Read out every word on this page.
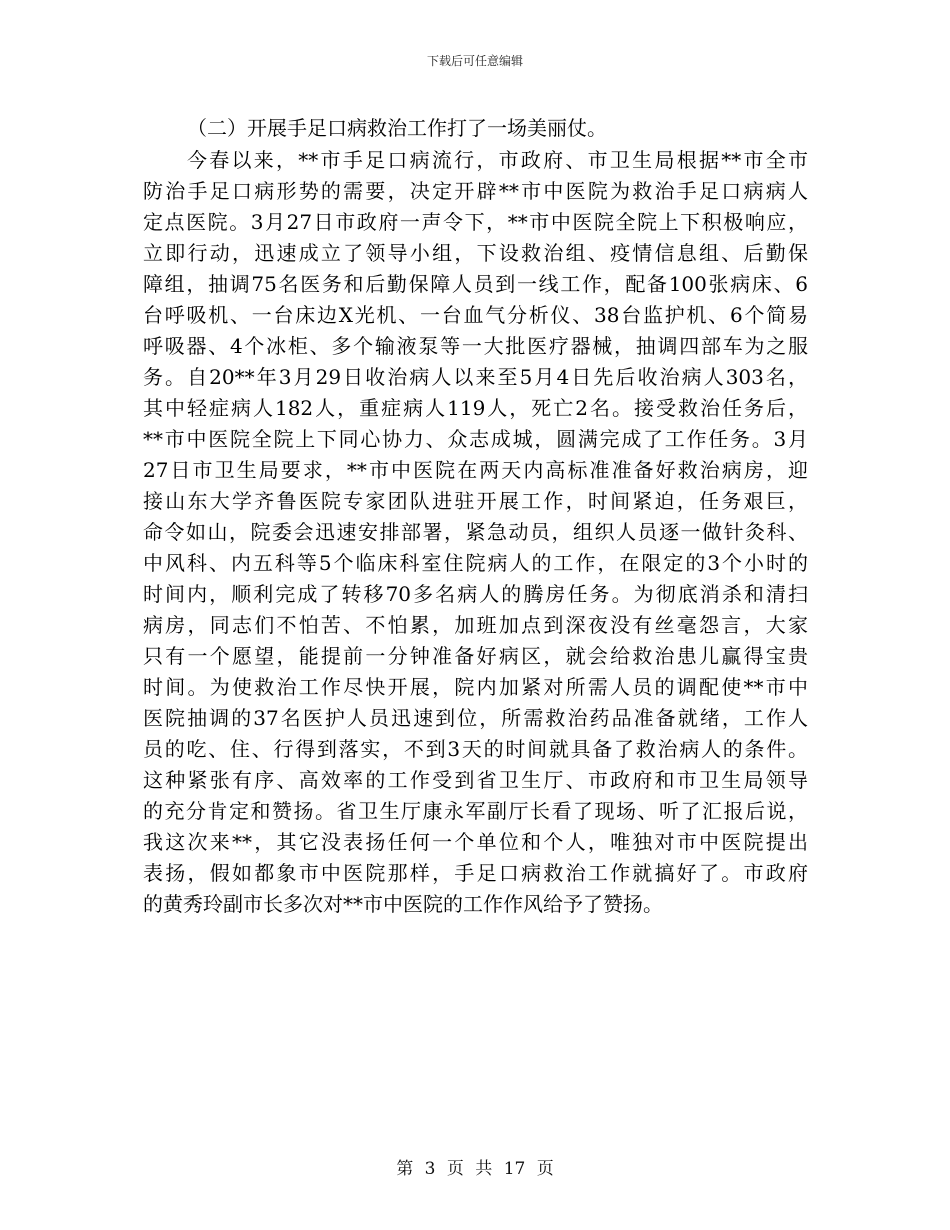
下载后可任意编辑
（二）开展手足口病救治工作打了一场美丽仗。
今春以来，**市手足口病流行，市政府、市卫生局根据**市全市
防治手足口病形势的需要，决定开辟**市中医院为救治手足口病病人
定点医院。3月27日市政府一声令下，**市中医院全院上下积极响应，
立即行动，迅速成立了领导小组，下设救治组、疫情信息组、后勤保
障组，抽调75名医务和后勤保障人员到一线工作，配备100张病床、6
台呼吸机、一台床边X光机、一台血气分析仪、38台监护机、6个简易
呼吸器、4个冰柜、多个输液泵等一大批医疗器械，抽调四部车为之服
务。自20**年3月29日收治病人以来至5月4日先后收治病人303名，
其中轻症病人182人，重症病人119人，死亡2名。接受救治任务后，
**市中医院全院上下同心协力、众志成城，圆满完成了工作任务。3月
27日市卫生局要求，**市中医院在两天内高标准准备好救治病房，迎
接山东大学齐鲁医院专家团队进驻开展工作，时间紧迫，任务艰巨，
命令如山，院委会迅速安排部署，紧急动员，组织人员逐一做针灸科、
中风科、内五科等5个临床科室住院病人的工作，在限定的3个小时的
时间内，顺利完成了转移70多名病人的腾房任务。为彻底消杀和清扫
病房，同志们不怕苦、不怕累，加班加点到深夜没有丝毫怨言，大家
只有一个愿望，能提前一分钟准备好病区，就会给救治患儿赢得宝贵
时间。为使救治工作尽快开展，院内加紧对所需人员的调配使**市中
医院抽调的37名医护人员迅速到位，所需救治药品准备就绪，工作人
员的吃、住、行得到落实，不到3天的时间就具备了救治病人的条件。
这种紧张有序、高效率的工作受到省卫生厅、市政府和市卫生局领导
的充分肯定和赞扬。省卫生厅康永军副厅长看了现场、听了汇报后说，
我这次来**，其它没表扬任何一个单位和个人，唯独对市中医院提出
表扬，假如都象市中医院那样，手足口病救治工作就搞好了。市政府
的黄秀玲副市长多次对**市中医院的工作作风给予了赞扬。
第 3 页 共 17 页
